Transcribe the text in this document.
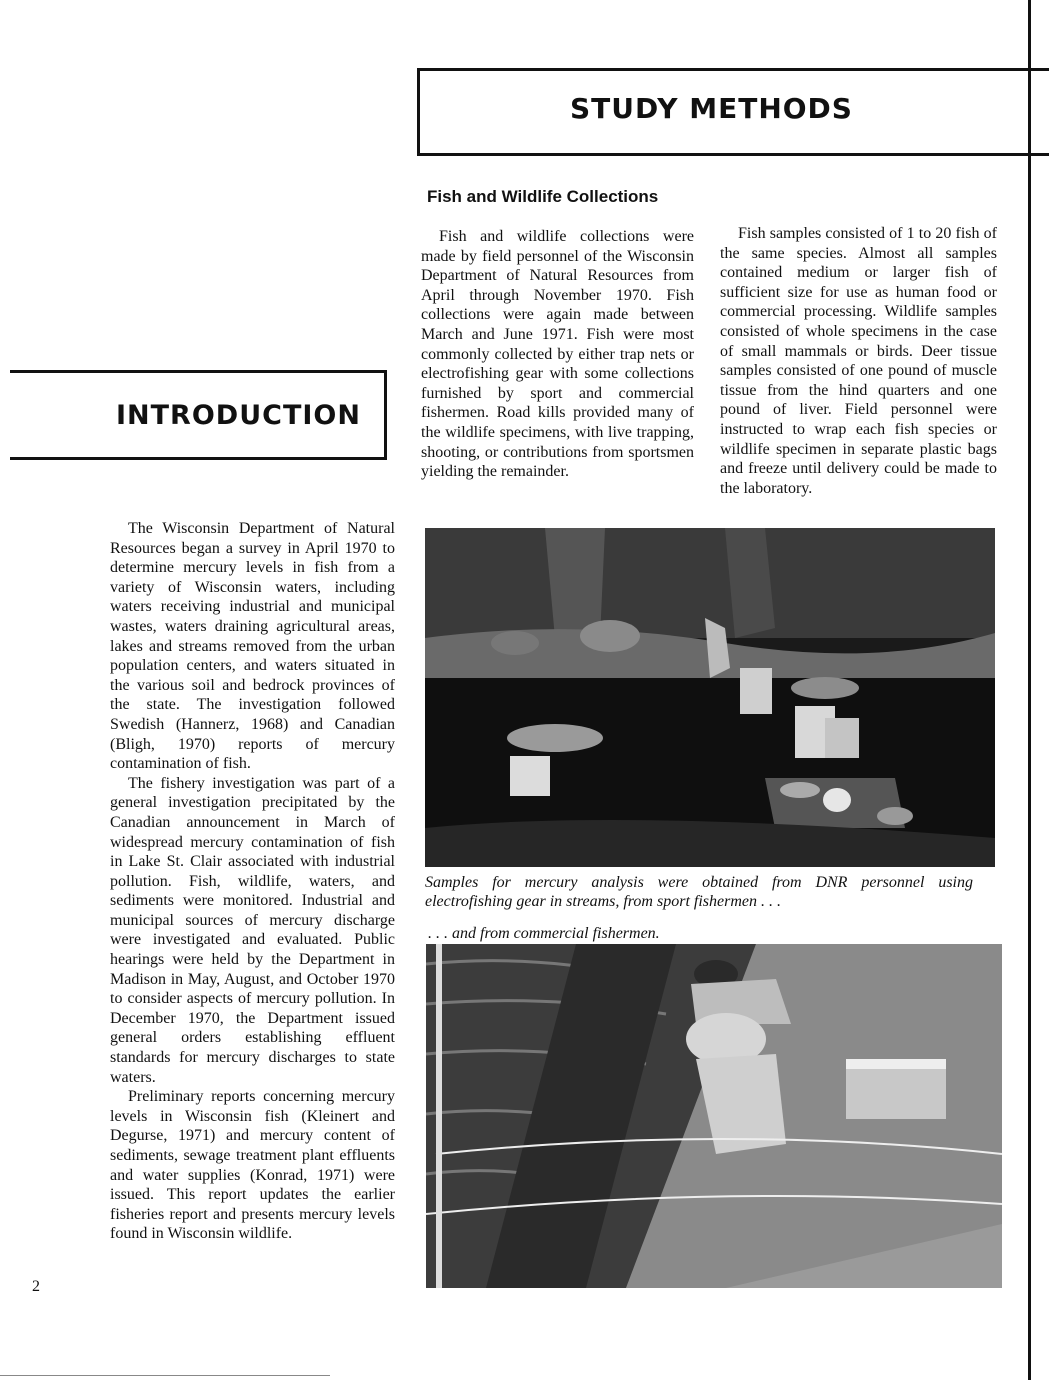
STUDY METHODS
INTRODUCTION
Fish and Wildlife Collections

Fish and wildlife collections were made by field personnel of the Wisconsin Department of Natural Resources from April through November 1970. Fish collections were again made between March and June 1971. Fish were most commonly collected by either trap nets or electrofishing gear with some collections furnished by sport and commercial fishermen. Road kills provided many of the wildlife specimens, with live trapping, shooting, or contributions from sportsmen yielding the remainder.

Fish samples consisted of 1 to 20 fish of the same species. Almost all samples contained medium or larger fish of sufficient size for use as human food or commercial processing. Wildlife samples consisted of whole specimens in the case of small mammals or birds. Deer tissue samples consisted of one pound of muscle tissue from the hind quarters and one pound of liver. Field personnel were instructed to wrap each fish species or wildlife specimen in separate plastic bags and freeze until delivery could be made to the laboratory.

The Wisconsin Department of Natural Resources began a survey in April 1970 to determine mercury levels in fish from a variety of Wisconsin waters, including waters receiving industrial and municipal wastes, waters draining agricultural areas, lakes and streams removed from the urban population centers, and waters situated in the various soil and bedrock provinces of the state. The investigation followed Swedish (Hannerz, 1968) and Canadian (Bligh, 1970) reports of mercury contamination of fish.

The fishery investigation was part of a general investigation precipitated by the Canadian announcement in March of widespread mercury contamination of fish in Lake St. Clair associated with industrial pollution. Fish, wildlife, waters, and sediments were monitored. Industrial and municipal sources of mercury discharge were investigated and evaluated. Public hearings were held by the Department in Madison in May, August, and October 1970 to consider aspects of mercury pollution. In December 1970, the Department issued general orders establishing effluent standards for mercury discharges to state waters.

Preliminary reports concerning mercury levels in Wisconsin fish (Kleinert and Degurse, 1971) and mercury content of sediments, sewage treatment plant effluents and water supplies (Konrad, 1971) were issued. This report updates the earlier fisheries report and presents mercury levels found in Wisconsin wildlife.

Samples for mercury analysis were obtained from DNR personnel using electrofishing gear in streams, from sport fishermen . . .
. . . and from commercial fishermen.
2
